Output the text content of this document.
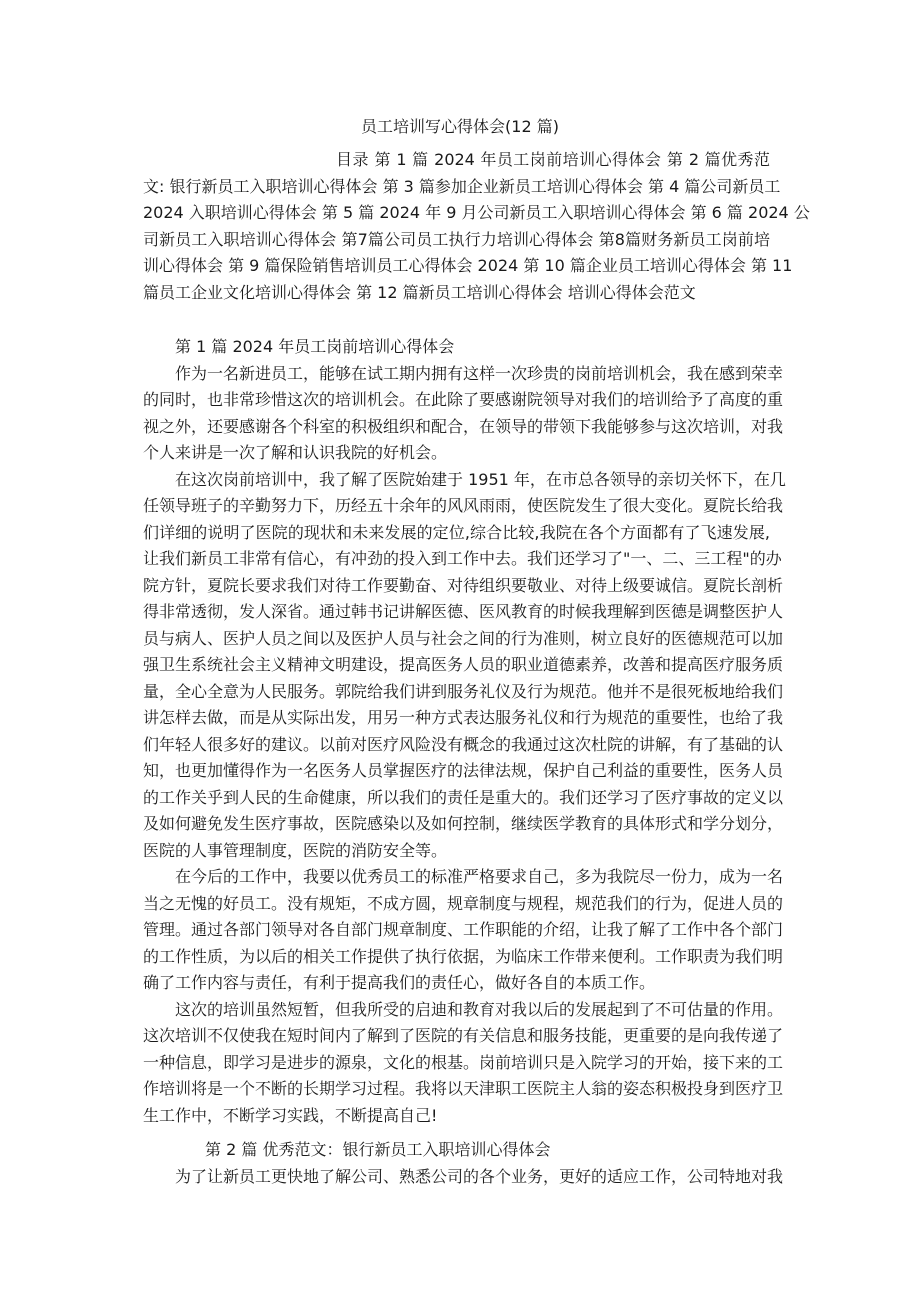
员工培训写心得体会(12 篇)
目录 第 1 篇 2024 年员工岗前培训心得体会 第 2 篇优秀范
文: 银行新员工入职培训心得体会 第 3 篇参加企业新员工培训心得体会 第 4 篇公司新员工
2024 入职培训心得体会 第 5 篇 2024 年 9 月公司新员工入职培训心得体会 第 6 篇 2024 公
司新员工入职培训心得体会 第7篇公司员工执行力培训心得体会 第8篇财务新员工岗前培
训心得体会 第 9 篇保险销售培训员工心得体会 2024 第 10 篇企业员工培训心得体会 第 11
篇员工企业文化培训心得体会 第 12 篇新员工培训心得体会 培训心得体会范文
第 1 篇 2024 年员工岗前培训心得体会
作为一名新进员工，能够在试工期内拥有这样一次珍贵的岗前培训机会，我在感到荣幸
的同时，也非常珍惜这次的培训机会。在此除了要感谢院领导对我们的培训给予了高度的重
视之外，还要感谢各个科室的积极组织和配合，在领导的带领下我能够参与这次培训，对我
个人来讲是一次了解和认识我院的好机会。
在这次岗前培训中，我了解了医院始建于 1951 年，在市总各领导的亲切关怀下，在几
任领导班子的辛勤努力下，历经五十余年的风风雨雨，使医院发生了很大变化。夏院长给我
们详细的说明了医院的现状和未来发展的定位,综合比较,我院在各个方面都有了飞速发展,
让我们新员工非常有信心，有冲劲的投入到工作中去。我们还学习了"一、二、三工程"的办
院方针，夏院长要求我们对待工作要勤奋、对待组织要敬业、对待上级要诚信。夏院长剖析
得非常透彻，发人深省。通过韩书记讲解医德、医风教育的时候我理解到医德是调整医护人
员与病人、医护人员之间以及医护人员与社会之间的行为准则，树立良好的医德规范可以加
强卫生系统社会主义精神文明建设，提高医务人员的职业道德素养，改善和提高医疗服务质
量，全心全意为人民服务。郭院给我们讲到服务礼仪及行为规范。他并不是很死板地给我们
讲怎样去做，而是从实际出发，用另一种方式表达服务礼仪和行为规范的重要性，也给了我
们年轻人很多好的建议。以前对医疗风险没有概念的我通过这次杜院的讲解，有了基础的认
知，也更加懂得作为一名医务人员掌握医疗的法律法规，保护自己利益的重要性，医务人员
的工作关乎到人民的生命健康，所以我们的责任是重大的。我们还学习了医疗事故的定义以
及如何避免发生医疗事故，医院感染以及如何控制，继续医学教育的具体形式和学分划分，
医院的人事管理制度，医院的消防安全等。
在今后的工作中，我要以优秀员工的标准严格要求自己，多为我院尽一份力，成为一名
当之无愧的好员工。没有规矩，不成方圆，规章制度与规程，规范我们的行为，促进人员的
管理。通过各部门领导对各自部门规章制度、工作职能的介绍，让我了解了工作中各个部门
的工作性质，为以后的相关工作提供了执行依据，为临床工作带来便利。工作职责为我们明
确了工作内容与责任，有利于提高我们的责任心，做好各自的本质工作。
这次的培训虽然短暂，但我所受的启迪和教育对我以后的发展起到了不可估量的作用。
这次培训不仅使我在短时间内了解到了医院的有关信息和服务技能，更重要的是向我传递了
一种信息，即学习是进步的源泉，文化的根基。岗前培训只是入院学习的开始，接下来的工
作培训将是一个不断的长期学习过程。我将以天津职工医院主人翁的姿态积极投身到医疗卫
生工作中，不断学习实践，不断提高自己!
第 2 篇 优秀范文：银行新员工入职培训心得体会
为了让新员工更快地了解公司、熟悉公司的各个业务，更好的适应工作，公司特地对我
